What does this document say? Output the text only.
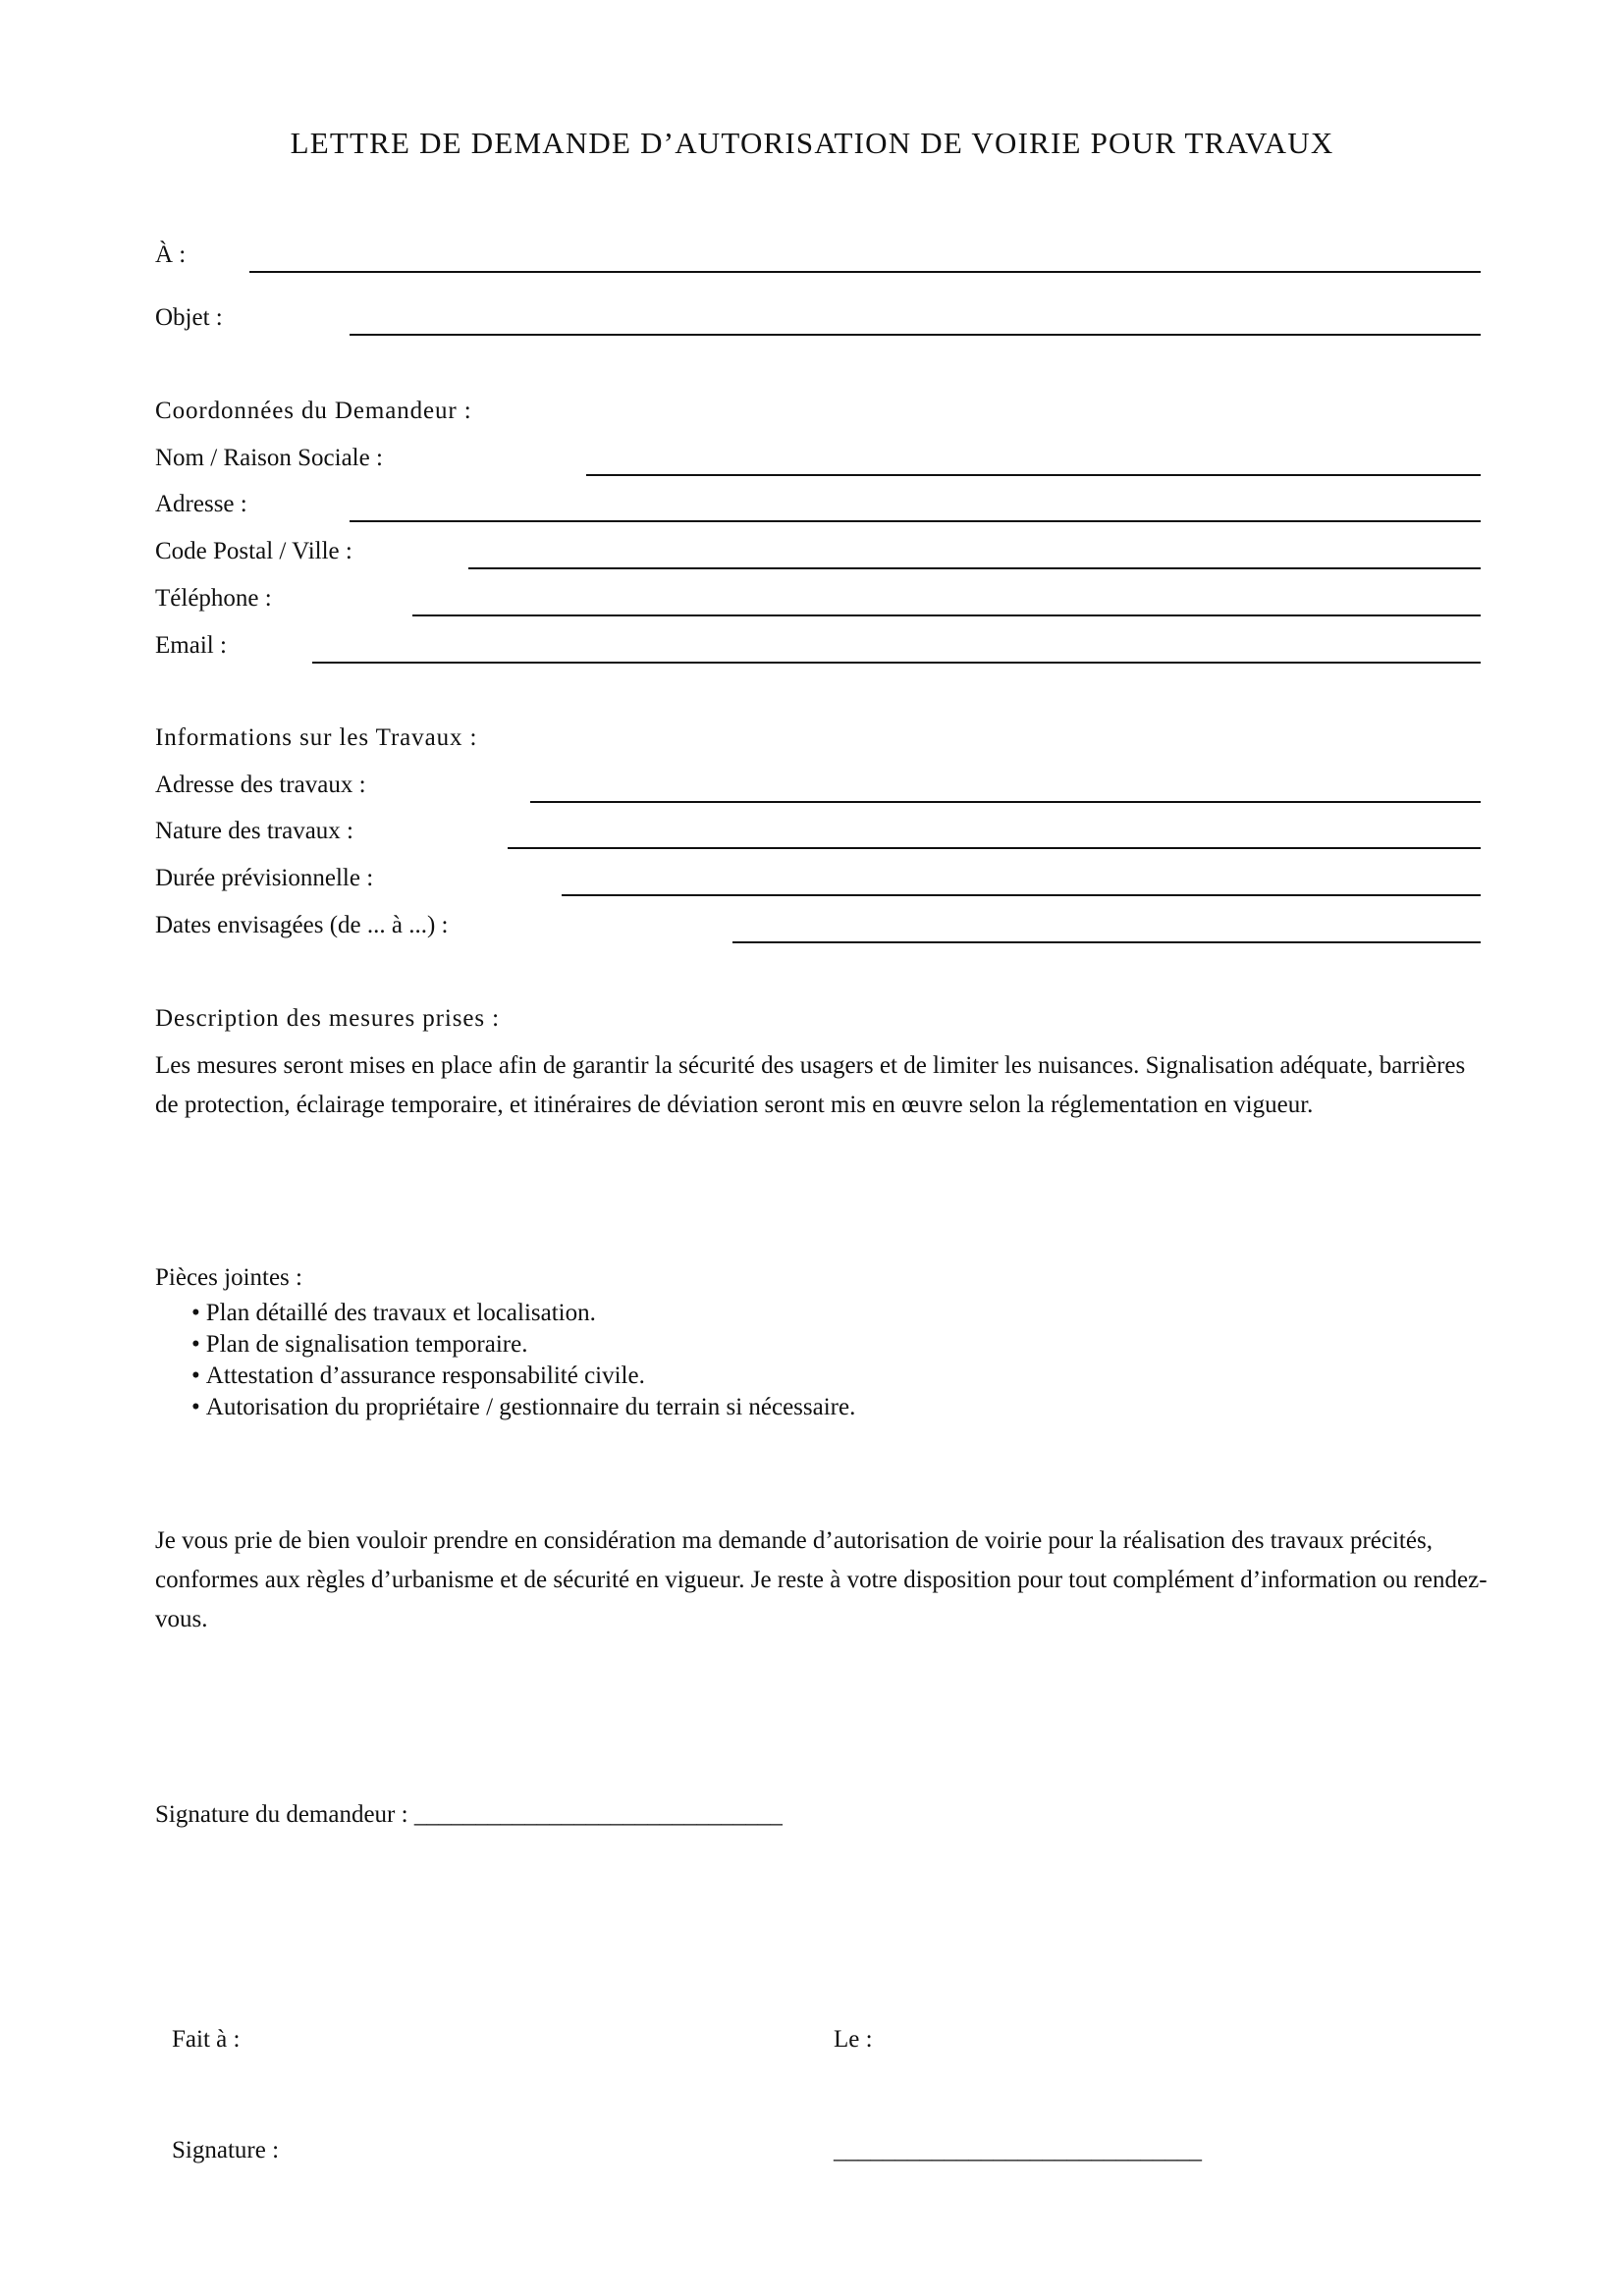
LETTRE DE DEMANDE D’AUTORISATION DE VOIRIE POUR TRAVAUX
À :
Objet :
Coordonnées du Demandeur :
Nom / Raison Sociale :
Adresse :
Code Postal / Ville :
Téléphone :
Email :
Informations sur les Travaux :
Adresse des travaux :
Nature des travaux :
Durée prévisionnelle :
Dates envisagées (de ... à ...) :
Description des mesures prises :
Les mesures seront mises en place afin de garantir la sécurité des usagers et de limiter les nuisances. Signalisation adéquate, barrières de protection, éclairage temporaire, et itinéraires de déviation seront mis en œuvre selon la réglementation en vigueur.
Pièces jointes :
• Plan détaillé des travaux et localisation.
• Plan de signalisation temporaire.
• Attestation d’assurance responsabilité civile.
• Autorisation du propriétaire / gestionnaire du terrain si nécessaire.
Je vous prie de bien vouloir prendre en considération ma demande d’autorisation de voirie pour la réalisation des travaux précités, conformes aux règles d’urbanisme et de sécurité en vigueur. Je reste à votre disposition pour tout complément d’information ou rendez-vous.
Signature du demandeur : ______________________________
Fait à :	Le :
Signature :	______________________________
